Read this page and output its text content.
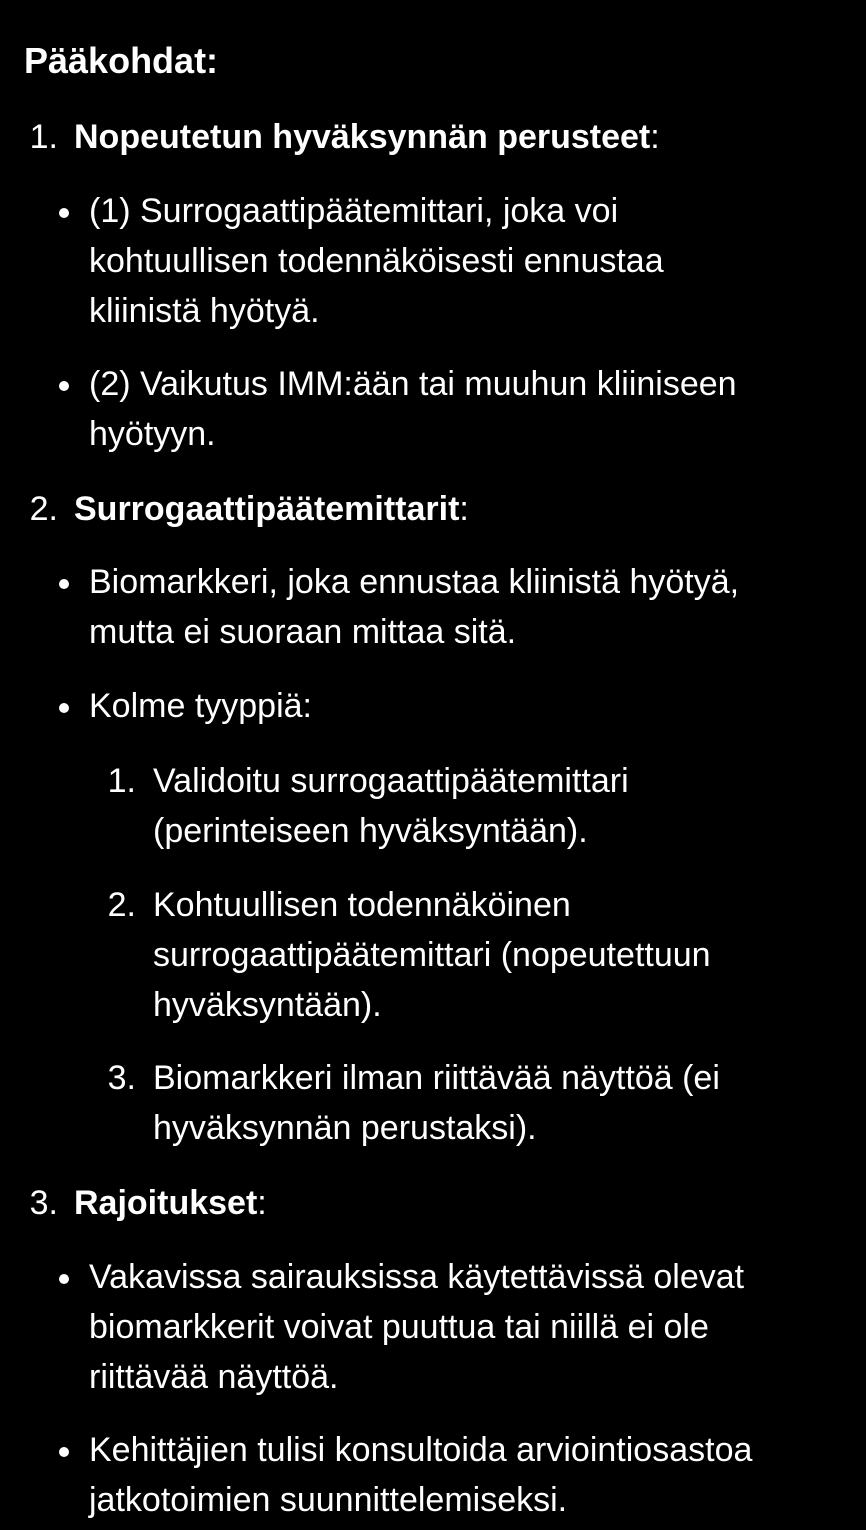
Pääkohdat:
1. Nopeutetun hyväksynnän perusteet:
(1) Surrogaattipäätemittari, joka voi
kohtuullisen todennäköisesti ennustaa
kliinistä hyötyä.
(2) Vaikutus IMM:ään tai muuhun kliiniseen
hyötyyn.
2. Surrogaattipäätemittarit:
Biomarkkeri, joka ennustaa kliinistä hyötyä,
mutta ei suoraan mittaa sitä.
Kolme tyyppiä:
1. Validoitu surrogaattipäätemittari
(perinteiseen hyväksyntään).
2. Kohtuullisen todennäköinen
surrogaattipäätemittari (nopeutettuun
hyväksyntään).
3. Biomarkkeri ilman riittävää näyttöä (ei
hyväksynnän perustaksi).
3. Rajoitukset:
Vakavissa sairauksissa käytettävissä olevat
biomarkkerit voivat puuttua tai niillä ei ole
riittävää näyttöä.
Kehittäjien tulisi konsultoida arviointiosastoa
jatkotoimien suunnittelemiseksi.
